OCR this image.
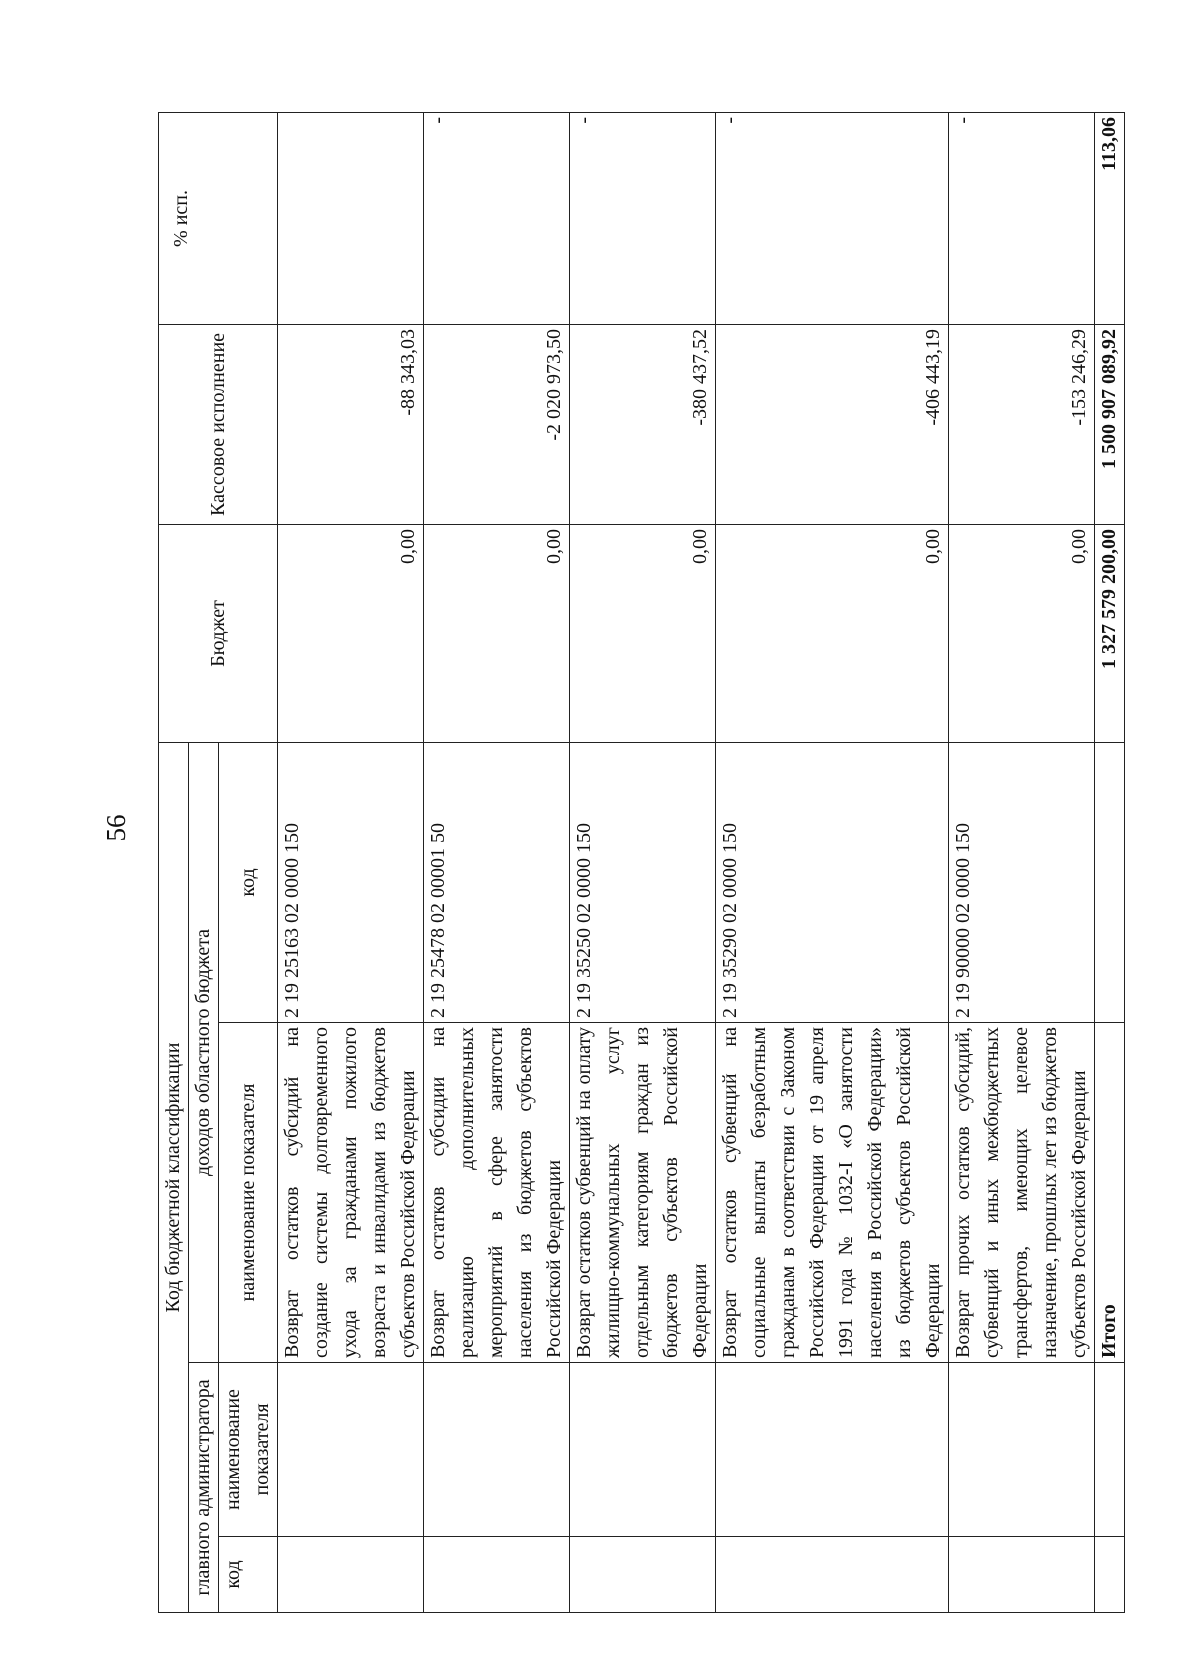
56
Код бюджетной классификации				Бюджет	Кассовое исполнение	% исп.
главного администратора		доходов областного бюджета				
код	наименование показателя	наименование показателя	код			
		Возврат остатков субсидий на создание системы долговременного ухода за гражданами пожилого возраста и инвалидами из бюджетов субъектов Российской Федерации	2 19 25163 02 0000 150	0,00	-88 343,03	
		Возврат остатков субсидии на реализацию дополнительных мероприятий в сфере занятости населения из бюджетов субъектов Российской Федерации	2 19 25478 02 00001 50	0,00	-2 020 973,50	-
		Возврат остатков субвенций на оплату жилищно-коммунальных услуг отдельным категориям граждан из бюджетов субъектов Российской Федерации	2 19 35250 02 0000 150	0,00	-380 437,52	-
		Возврат остатков субвенций на социальные выплаты безработным гражданам в соответствии с Законом Российской Федерации от 19 апреля 1991 года № 1032-I «О занятости населения в Российской Федерации» из бюджетов субъектов Российской Федерации	2 19 35290 02 0000 150	0,00	-406 443,19	-
		Возврат прочих остатков субсидий, субвенций и иных межбюджетных трансфертов, имеющих целевое назначение, прошлых лет из бюджетов субъектов Российской Федерации	2 19 90000 02 0000 150	0,00	-153 246,29	-
		Итого		1 327 579 200,00	1 500 907 089,92	113,06
